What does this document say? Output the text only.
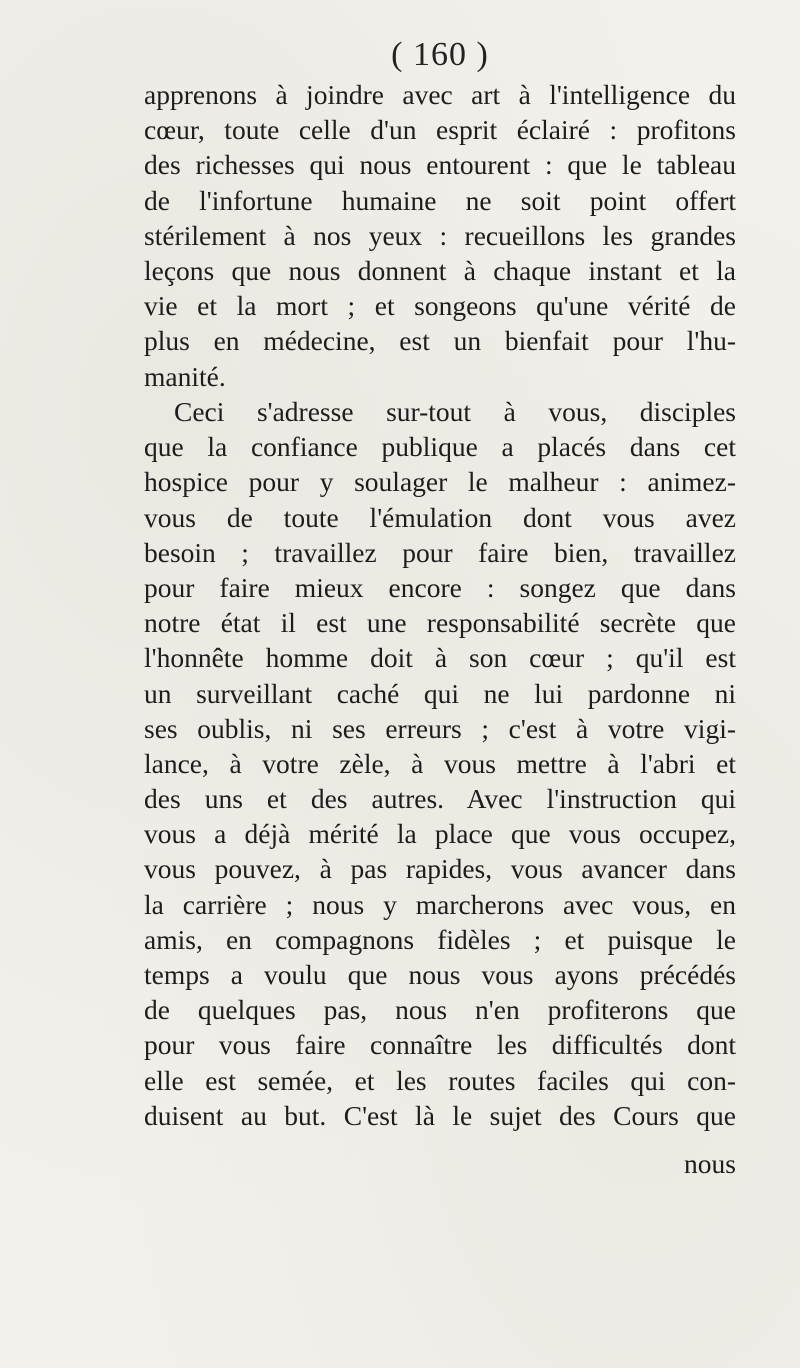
( 160 )
apprenons à joindre avec art à l'intelligence du
cœur, toute celle d'un esprit éclairé : profitons
des richesses qui nous entourent : que le tableau
de l'infortune humaine ne soit point offert
stérilement à nos yeux : recueillons les grandes
leçons que nous donnent à chaque instant et la
vie et la mort ; et songeons qu'une vérité de
plus en médecine, est un bienfait pour l'hu-
manité.
Ceci s'adresse sur-tout à vous, disciples
que la confiance publique a placés dans cet
hospice pour y soulager le malheur : animez-
vous de toute l'émulation dont vous avez
besoin ; travaillez pour faire bien, travaillez
pour faire mieux encore : songez que dans
notre état il est une responsabilité secrète que
l'honnête homme doit à son cœur ; qu'il est
un surveillant caché qui ne lui pardonne ni
ses oublis, ni ses erreurs ; c'est à votre vigi-
lance, à votre zèle, à vous mettre à l'abri et
des uns et des autres. Avec l'instruction qui
vous a déjà mérité la place que vous occupez,
vous pouvez, à pas rapides, vous avancer dans
la carrière ; nous y marcherons avec vous, en
amis, en compagnons fidèles ; et puisque le
temps a voulu que nous vous ayons précédés
de quelques pas, nous n'en profiterons que
pour vous faire connaître les difficultés dont
elle est semée, et les routes faciles qui con-
duisent au but. C'est là le sujet des Cours que
nous
